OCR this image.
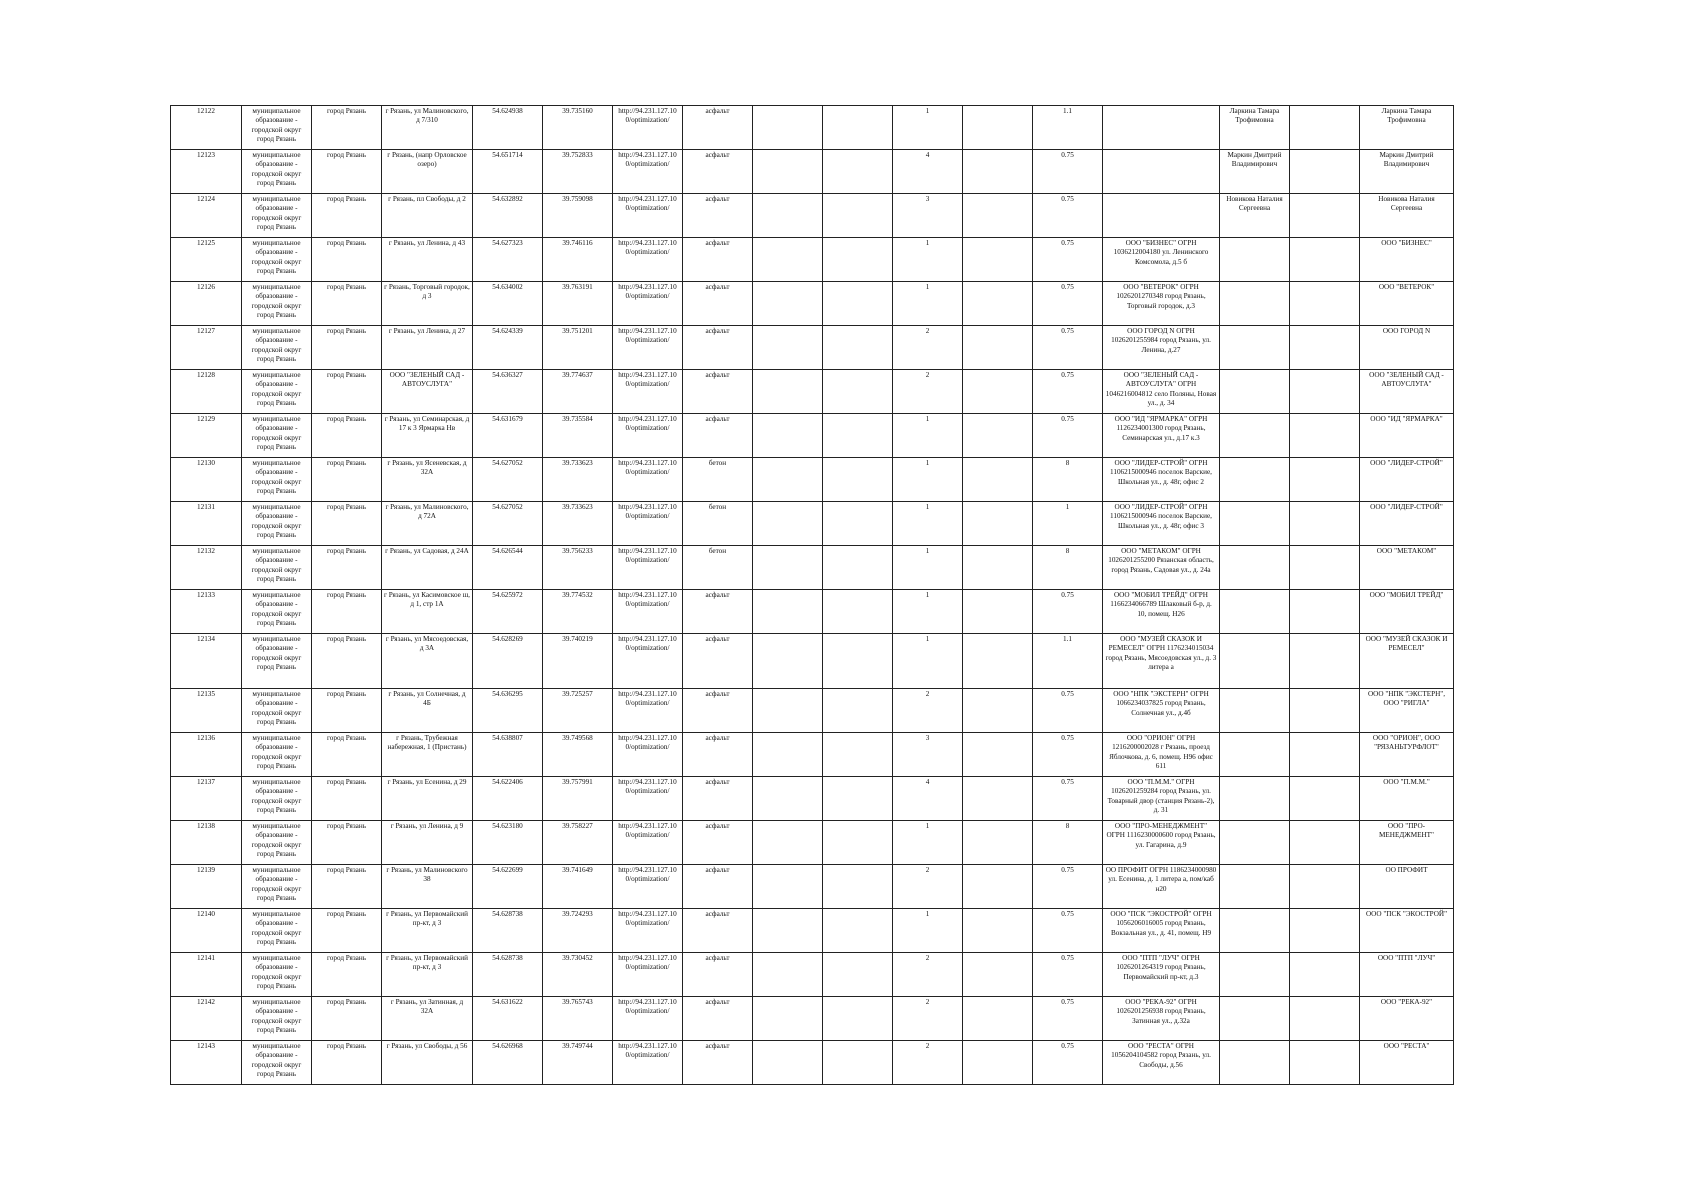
12122	муниципальное образование - городской округ город Рязань	город Рязань	г Рязань, ул Малиновского, д 7/310	54.624938	39.735160	http://94.231.127.10 0/optimization/	асфальт			1		1.1		Ларкина Тамара Трофимовна		Ларкина Тамара Трофимовна
12123	муниципальное образование - городской округ город Рязань	город Рязань	г Рязань, (напр Орловское озеро)	54.651714	39.752833	http://94.231.127.10 0/optimization/	асфальт			4		0.75		Маркин Дмитрий Владимирович		Маркин Дмитрий Владимирович
12124	муниципальное образование - городской округ город Рязань	город Рязань	г Рязань, пл Свободы, д 2	54.632892	39.759098	http://94.231.127.10 0/optimization/	асфальт			3		0.75		Новикова Наталия Сергеевна		Новикова Наталия Сергеевна
12125	муниципальное образование - городской округ город Рязань	город Рязань	г Рязань, ул Ленина, д 43	54.627323	39.746116	http://94.231.127.10 0/optimization/	асфальт			1		0.75	ООО "БИЗНЕС" ОГРН 1036212004180 ул. Ленинского Комсомола, д.5 б			ООО "БИЗНЕС"
12126	муниципальное образование - городской округ город Рязань	город Рязань	г Рязань, Торговый городок, д 3	54.634002	39.763191	http://94.231.127.10 0/optimization/	асфальт			1		0.75	ООО "ВЕТЕРОК" ОГРН 1026201270348 город Рязань, Торговый городок, д.3			ООО "ВЕТЕРОК"
12127	муниципальное образование - городской округ город Рязань	город Рязань	г Рязань, ул Ленина, д 27	54.624339	39.751201	http://94.231.127.10 0/optimization/	асфальт			2		0.75	ООО ГОРОД N ОГРН 1026201255984 город Рязань, ул. Ленина, д.27			ООО ГОРОД N
12128	муниципальное образование - городской округ город Рязань	город Рязань	ООО "ЗЕЛЕНЫЙ САД - АВТОУСЛУГА"	54.636327	39.774637	http://94.231.127.10 0/optimization/	асфальт			2		0.75	ООО "ЗЕЛЕНЫЙ САД - АВТОУСЛУГА" ОГРН 1046216004812 село Поляны, Новая ул., д. 34			ООО "ЗЕЛЕНЫЙ САД - АВТОУСЛУГА"
12129	муниципальное образование - городской округ город Рязань	город Рязань	г Рязань, ул Семинарская, д 17 к 3 Ярмарка Нв	54.631679	39.735584	http://94.231.127.10 0/optimization/	асфальт			1		0.75	ООО "ИД "ЯРМАРКА" ОГРН 1126234001300 город Рязань, Семинарская ул., д.17 к.3			ООО "ИД "ЯРМАРКА"
12130	муниципальное образование - городской округ город Рязань	город Рязань	г Рязань, ул Ясеневская, д 32А	54.627052	39.733623	http://94.231.127.10 0/optimization/	бетон			1		8	ООО "ЛИДЕР-СТРОЙ" ОГРН 1106215000946 поселок Варские, Школьная ул., д. 48г, офис 2			ООО "ЛИДЕР-СТРОЙ"
12131	муниципальное образование - городской округ город Рязань	город Рязань	г Рязань, ул Малиновского, д 72А	54.627052	39.733623	http://94.231.127.10 0/optimization/	бетон			1		1	ООО "ЛИДЕР-СТРОЙ" ОГРН 1106215000946 поселок Варские, Школьная ул., д. 48г, офис 3			ООО "ЛИДЕР-СТРОЙ"
12132	муниципальное образование - городской округ город Рязань	город Рязань	г Рязань, ул Садовая, д 24А	54.626544	39.756233	http://94.231.127.10 0/optimization/	бетон			1		8	ООО "МЕТАКОМ" ОГРН 1026201255200 Рязанская область, город Рязань, Садовая ул., д. 24а			ООО "МЕТАКОМ"
12133	муниципальное образование - городской округ город Рязань	город Рязань	г Рязань, ул Касимовское ш, д 1, стр 1А	54.625972	39.774532	http://94.231.127.10 0/optimization/	асфальт			1		0.75	ООО "МОБИЛ ТРЕЙД" ОГРН 1166234066789 Шлаковый б-р, д. 10, помещ. Н26			ООО "МОБИЛ ТРЕЙД"
12134	муниципальное образование - городской округ город Рязань	город Рязань	г Рязань, ул Мясоедовская, д 3А	54.628269	39.740219	http://94.231.127.10 0/optimization/	асфальт			1		1.1	ООО "МУЗЕЙ СКАЗОК И РЕМЕСЕЛ" ОГРН 1176234015034 город Рязань, Мясоедовская ул., д. 3 литера а			ООО "МУЗЕЙ СКАЗОК И РЕМЕСЕЛ"
12135	муниципальное образование - городской округ город Рязань	город Рязань	г Рязань, ул Солнечная, д 4Б	54.636295	39.725257	http://94.231.127.10 0/optimization/	асфальт			2		0.75	ООО "НПК "ЭКСТЕРН" ОГРН 1066234037825 город Рязань, Солнечная ул., д.4б			ООО "НПК "ЭКСТЕРН", ООО "РИГЛА"
12136	муниципальное образование - городской округ город Рязань	город Рязань	г Рязань, Трубежная набережная, 1 (Пристань)	54.638807	39.749568	http://94.231.127.10 0/optimization/	асфальт			3		0.75	ООО "ОРИОН" ОГРН 1216200002028 г Рязань, проезд Яблочкова, д. 6, помещ. Н96 офис 611			ООО "ОРИОН", ООО "РЯЗАНЬТУРФЛОТ"
12137	муниципальное образование - городской округ город Рязань	город Рязань	г Рязань, ул Есенина, д 29	54.622406	39.757991	http://94.231.127.10 0/optimization/	асфальт			4		0.75	ООО "П.М.М." ОГРН 1026201259284 город Рязань, ул. Товарный двор (станция Рязань-2), д. 31			ООО "П.М.М."
12138	муниципальное образование - городской округ город Рязань	город Рязань	г Рязань, ул Ленина, д 9	54.623180	39.758227	http://94.231.127.10 0/optimization/	асфальт			1		8	ООО "ПРО-МЕНЕДЖМЕНТ" ОГРН 1116230000600 город Рязань, ул. Гагарина, д.9			ООО "ПРО-МЕНЕДЖМЕНТ"
12139	муниципальное образование - городской округ город Рязань	город Рязань	г Рязань, ул Малиновского 38	54.622699	39.741649	http://94.231.127.10 0/optimization/	асфальт			2		0.75	ОО ПРОФИТ ОГРН 1186234000980 ул. Есенина, д. 1 литера а, пом/каб н20			ОО ПРОФИТ
12140	муниципальное образование - городской округ город Рязань	город Рязань	г Рязань, ул Первомайский пр-кт, д 3	54.628738	39.724293	http://94.231.127.10 0/optimization/	асфальт			1		0.75	ООО "ПСК "ЭКОСТРОЙ" ОГРН 1056206016005 город Рязань, Вокзальная ул., д. 41, помещ. Н9			ООО "ПСК "ЭКОСТРОЙ"
12141	муниципальное образование - городской округ город Рязань	город Рязань	г Рязань, ул Первомайский пр-кт, д 3	54.628738	39.730452	http://94.231.127.10 0/optimization/	асфальт			2		0.75	ООО "ПТП "ЛУЧ" ОГРН 1026201264319 город Рязань, Первомайский пр-кт, д.3			ООО "ПТП "ЛУЧ"
12142	муниципальное образование - городской округ город Рязань	город Рязань	г Рязань, ул Затинная, д 32А	54.631622	39.765743	http://94.231.127.10 0/optimization/	асфальт			2		0.75	ООО "РЕКА-92" ОГРН 1026201256938 город Рязань, Затинная ул., д.32а			ООО "РЕКА-92"
12143	муниципальное образование - городской округ город Рязань	город Рязань	г Рязань, ул Свободы, д 56	54.626968	39.749744	http://94.231.127.10 0/optimization/	асфальт			2		0.75	ООО "РЕСТА" ОГРН 1056204104582 город Рязань, ул. Свободы, д.56			ООО "РЕСТА"
